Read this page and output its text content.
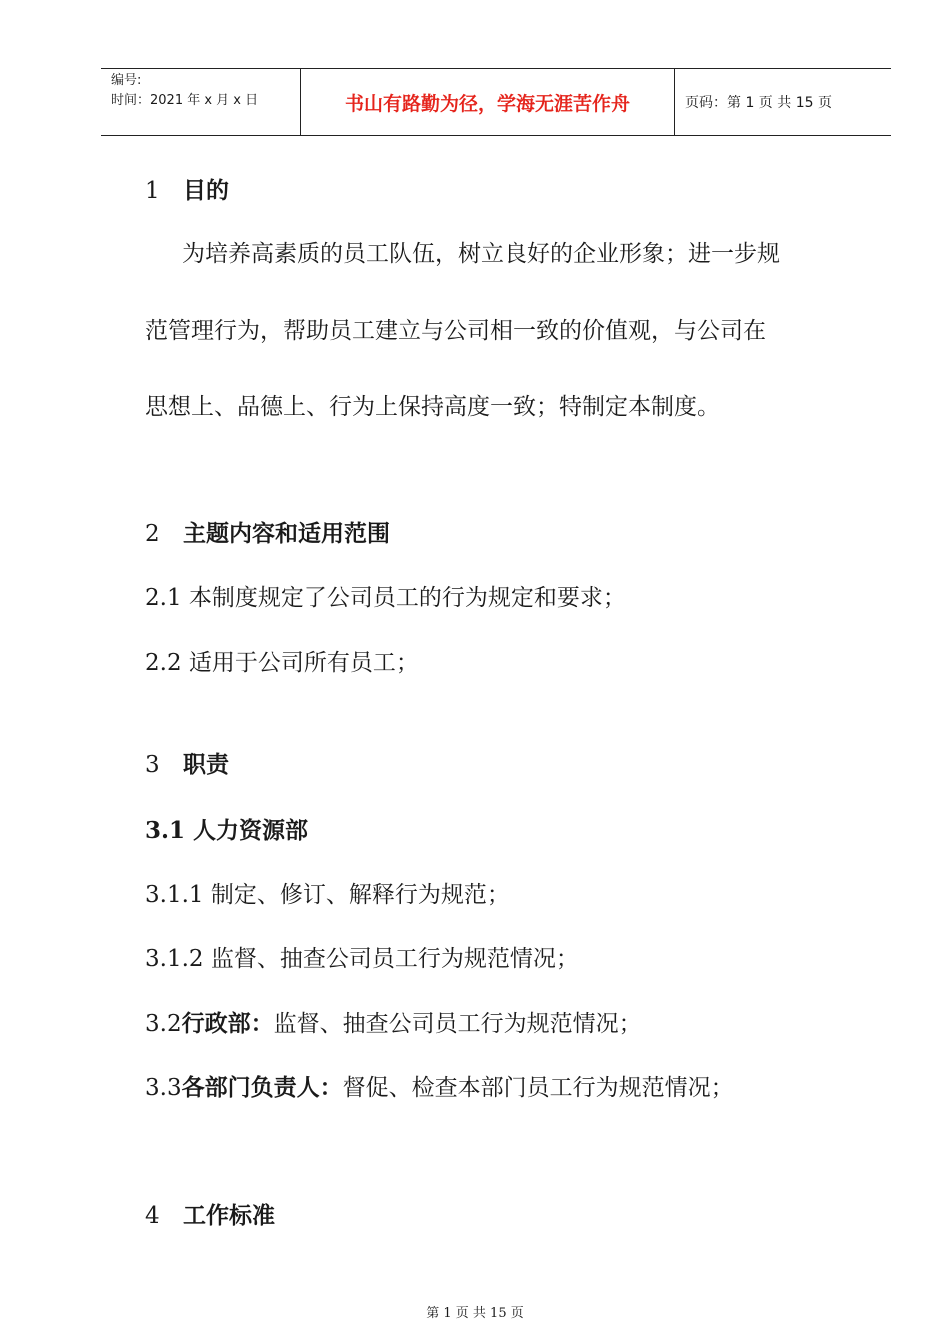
编号:
时间：2021 年 x 月 x 日	书山有路勤为径，学海无涯苦作舟	页码：第 1 页 共 15 页
1 目的
为培养高素质的员工队伍，树立良好的企业形象；进一步规
范管理行为，帮助员工建立与公司相一致的价值观，与公司在
思想上、品德上、行为上保持高度一致；特制定本制度。
2 主题内容和适用范围
2.1 本制度规定了公司员工的行为规定和要求；
2.2 适用于公司所有员工；
3 职责
3.1 人力资源部
3.1.1 制定、修订、解释行为规范；
3.1.2 监督、抽查公司员工行为规范情况；
3.2行政部：监督、抽查公司员工行为规范情况；
3.3各部门负责人：督促、检查本部门员工行为规范情况；
4 工作标准
第 1 页 共 15 页
